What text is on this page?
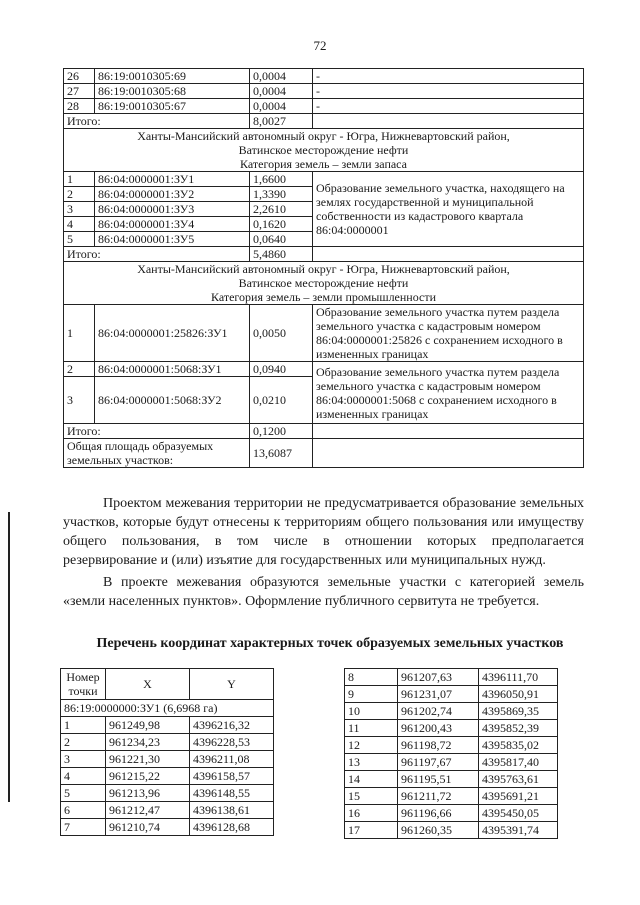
72
26	86:19:0010305:69	0,0004	-
27	86:19:0010305:68	0,0004	-
28	86:19:0010305:67	0,0004	-
Итого:		8,0027	

Ханты-Мансийский автономный округ - Югра, Нижневартовский район,
Ватинское месторождение нефти
Категория земель – земли запаса			

1	86:04:0000001:ЗУ1	1,6600	Образование земельного участка, находящего на землях государственной и муниципальной собственности из кадастрового квартала 86:04:0000001
2	86:04:0000001:ЗУ2	1,3390	
3	86:04:0000001:ЗУ3	2,2610	
4	86:04:0000001:ЗУ4	0,1620	
5	86:04:0000001:ЗУ5	0,0640	
Итого:		5,4860	

Ханты-Мансийский автономный округ - Югра, Нижневартовский район,
Ватинское месторождение нефти
Категория земель – земли промышленности			

1	86:04:0000001:25826:ЗУ1	0,0050	Образование земельного участка путем раздела земельного участка с кадастровым номером 86:04:0000001:25826 с сохранением исходного в измененных границах
2	86:04:0000001:5068:ЗУ1	0,0940	Образование земельного участка путем раздела земельного участка с кадастровым номером 86:04:0000001:5068 с сохранением исходного в измененных границах
3	86:04:0000001:5068:ЗУ2	0,0210	
Итого:		0,1200	
Общая площадь образуемых земельных участков:		13,6087	

Проектом межевания территории не предусматривается образование земельных участков, которые будут отнесены к территориям общего пользования или имуществу общего пользования, в том числе в отношении которых предполагается резервирование и (или) изъятие для государственных или муниципальных нужд.

В проекте межевания образуются земельные участки с категорией земель «земли населенных пунктов». Оформление публичного сервитута не требуется.

Перечень координат характерных точек образуемых земельных участков

Номер точки	X	Y
86:19:0000000:ЗУ1 (6,6968 га)		
1	961249,98	4396216,32
2	961234,23	4396228,53
3	961221,30	4396211,08
4	961215,22	4396158,57
5	961213,96	4396148,55
6	961212,47	4396138,61
7	961210,74	4396128,68
8	961207,63	4396111,70
9	961231,07	4396050,91
10	961202,74	4395869,35
11	961200,43	4395852,39
12	961198,72	4395835,02
13	961197,67	4395817,40
14	961195,51	4395763,61
15	961211,72	4395691,21
16	961196,66	4395450,05
17	961260,35	4395391,74
